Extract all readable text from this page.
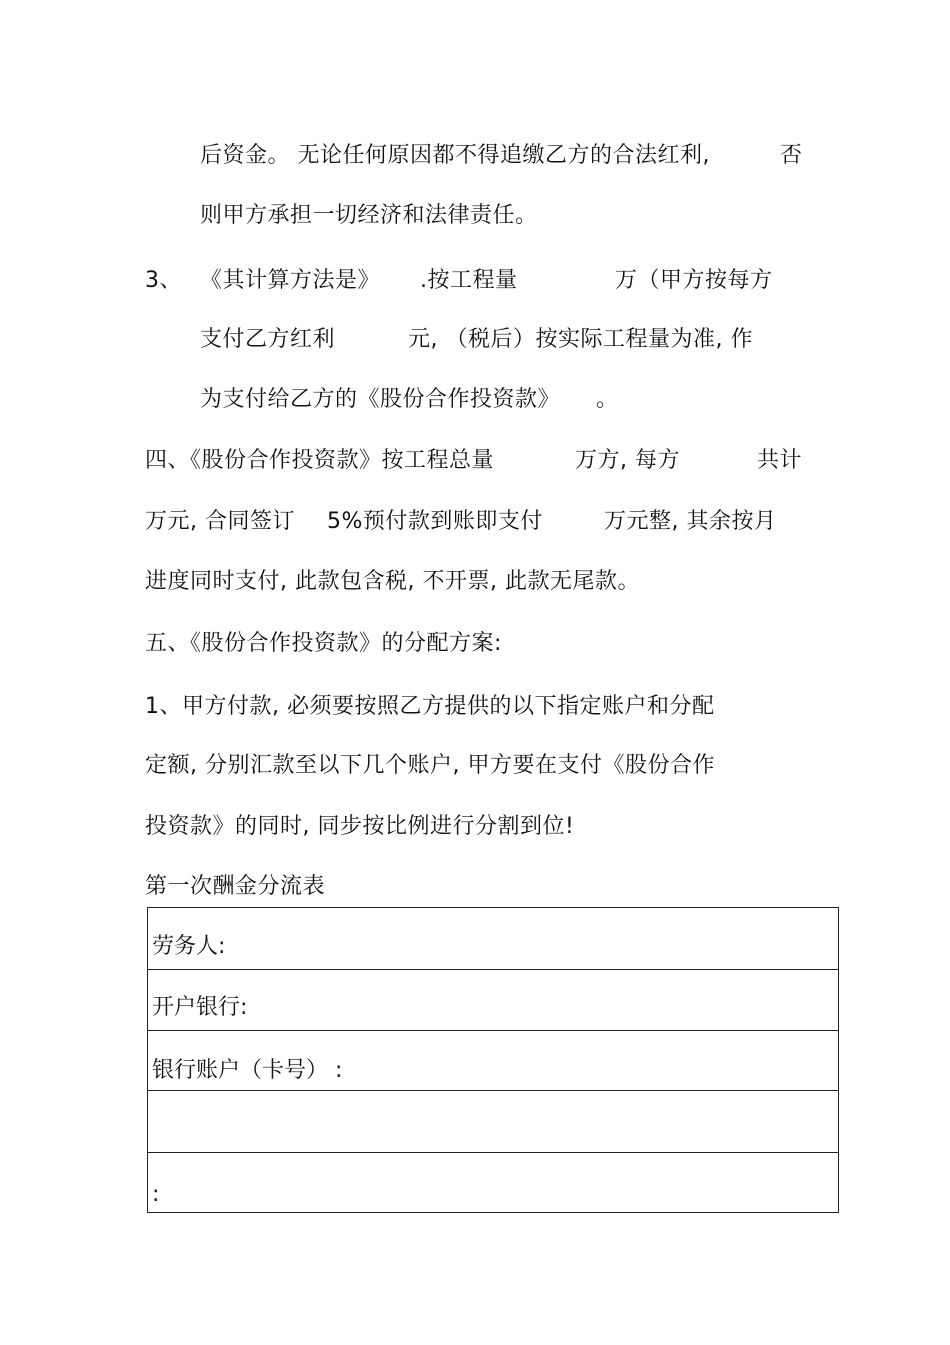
后资金。 无论任何原因都不得追缴乙方的合法红利,	否
则甲方承担一切经济和法律责任。
3、 《其计算方法是》 .按工程量	万（甲方按每方
支付乙方红利	元, （税后）按实际工程量为准, 作
为支付给乙方的《股份合作投资款》 。
四、《股份合作投资款》按工程总量	万方, 每方	共计
万元, 合同签订 5%预付款到账即支付	万元整, 其余按月
进度同时支付, 此款包含税, 不开票, 此款无尾款。
五、《股份合作投资款》的分配方案:
1、甲方付款, 必须要按照乙方提供的以下指定账户和分配
定额, 分别汇款至以下几个账户, 甲方要在支付《股份合作
投资款》的同时, 同步按比例进行分割到位!
第一次酬金分流表
劳务人:
开户银行:
银行账户（卡号） :
:
